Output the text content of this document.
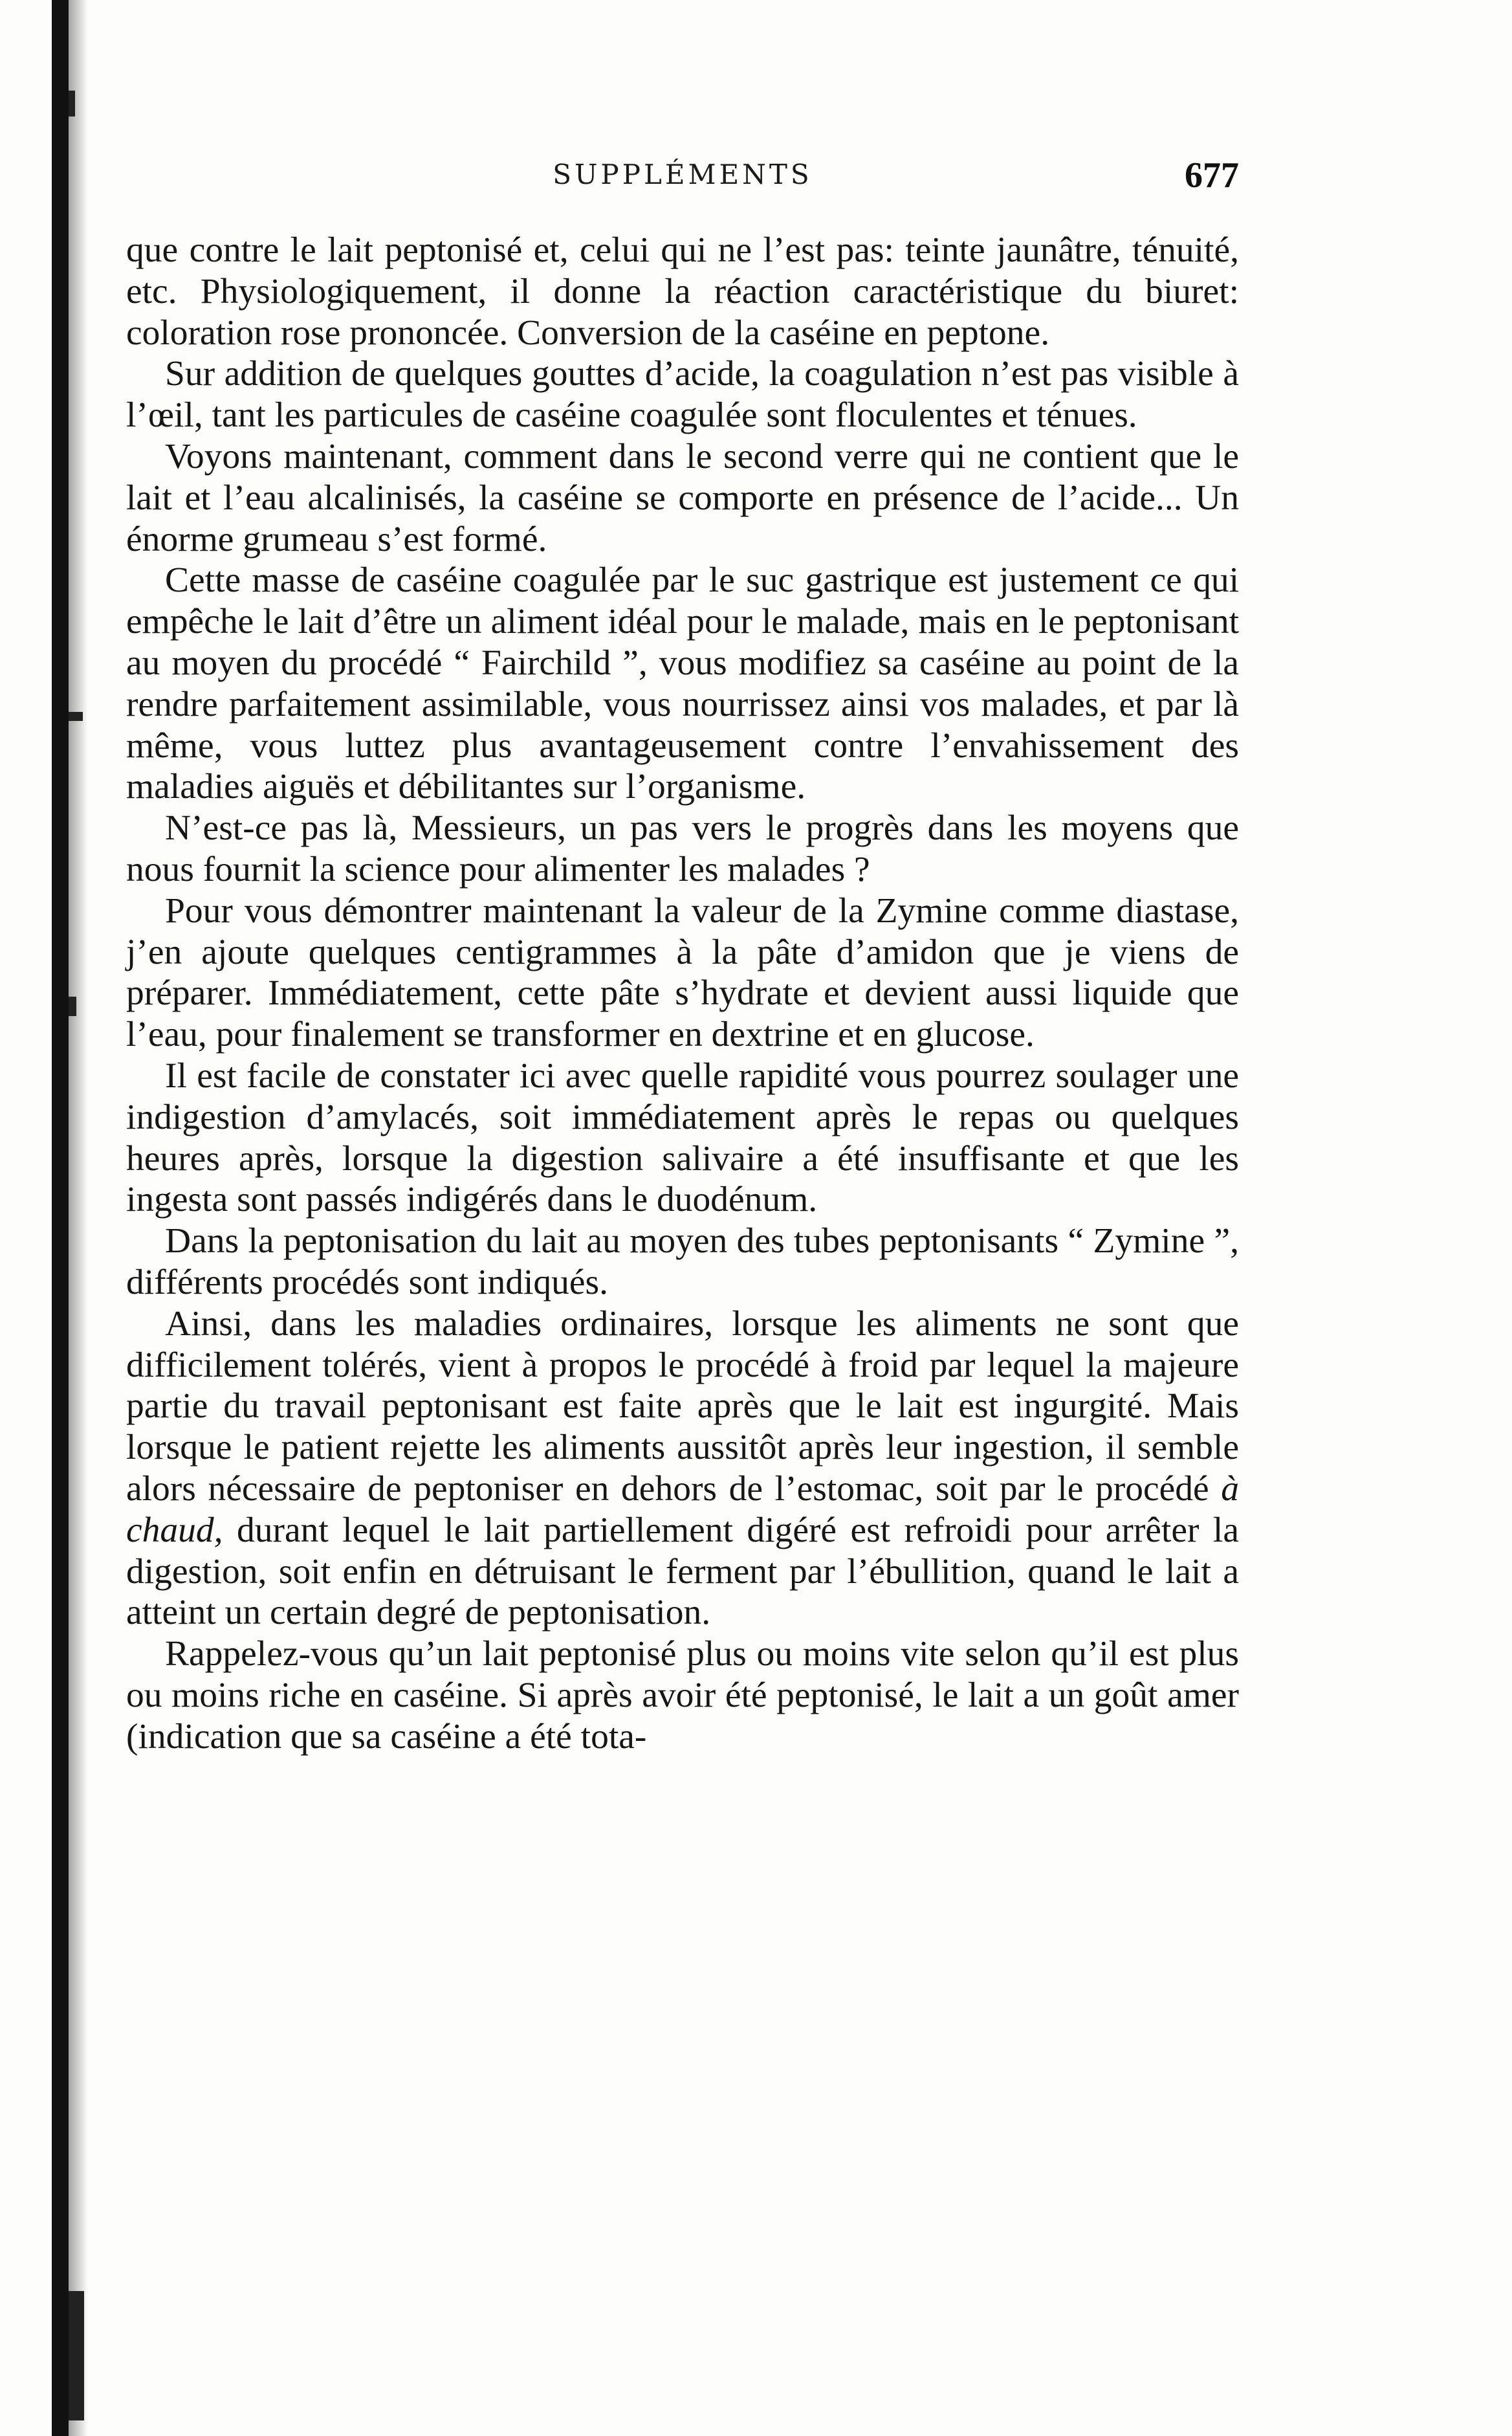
SUPPLÉMENTS	677

que contre le lait peptonisé et, celui qui ne l’est pas: teinte jaunâtre, ténuité, etc. Physiologiquement, il donne la réaction caractéristique du biuret: coloration rose prononcée. Conversion de la caséine en peptone.

Sur addition de quelques gouttes d’acide, la coagulation n’est pas visible à l’œil, tant les particules de caséine coagulée sont floculentes et ténues.

Voyons maintenant, comment dans le second verre qui ne contient que le lait et l’eau alcalinisés, la caséine se comporte en présence de l’acide... Un énorme grumeau s’est formé.

Cette masse de caséine coagulée par le suc gastrique est justement ce qui empêche le lait d’être un aliment idéal pour le malade, mais en le peptonisant au moyen du procédé “ Fairchild ”, vous modifiez sa caséine au point de la rendre parfaitement assimilable, vous nourrissez ainsi vos malades, et par là même, vous luttez plus avantageusement contre l’envahissement des maladies aiguës et débilitantes sur l’organisme.

N’est-ce pas là, Messieurs, un pas vers le progrès dans les moyens que nous fournit la science pour alimenter les malades ?

Pour vous démontrer maintenant la valeur de la Zymine comme diastase, j’en ajoute quelques centigrammes à la pâte d’amidon que je viens de préparer. Immédiatement, cette pâte s’hydrate et devient aussi liquide que l’eau, pour finalement se transformer en dextrine et en glucose.

Il est facile de constater ici avec quelle rapidité vous pourrez soulager une indigestion d’amylacés, soit immédiatement après le repas ou quelques heures après, lorsque la digestion salivaire a été insuffisante et que les ingesta sont passés indigérés dans le duodénum.

Dans la peptonisation du lait au moyen des tubes peptonisants “ Zymine ”, différents procédés sont indiqués.

Ainsi, dans les maladies ordinaires, lorsque les aliments ne sont que difficilement tolérés, vient à propos le procédé à froid par lequel la majeure partie du travail peptonisant est faite après que le lait est ingurgité. Mais lorsque le patient rejette les aliments aussitôt après leur ingestion, il semble alors nécessaire de peptoniser en dehors de l’estomac, soit par le procédé à chaud, durant lequel le lait partiellement digéré est refroidi pour arrêter la digestion, soit enfin en détruisant le ferment par l’ébullition, quand le lait a atteint un certain degré de peptonisation.

Rappelez-vous qu’un lait peptonisé plus ou moins vite selon qu’il est plus ou moins riche en caséine. Si après avoir été peptonisé, le lait a un goût amer (indication que sa caséine a été tota-
